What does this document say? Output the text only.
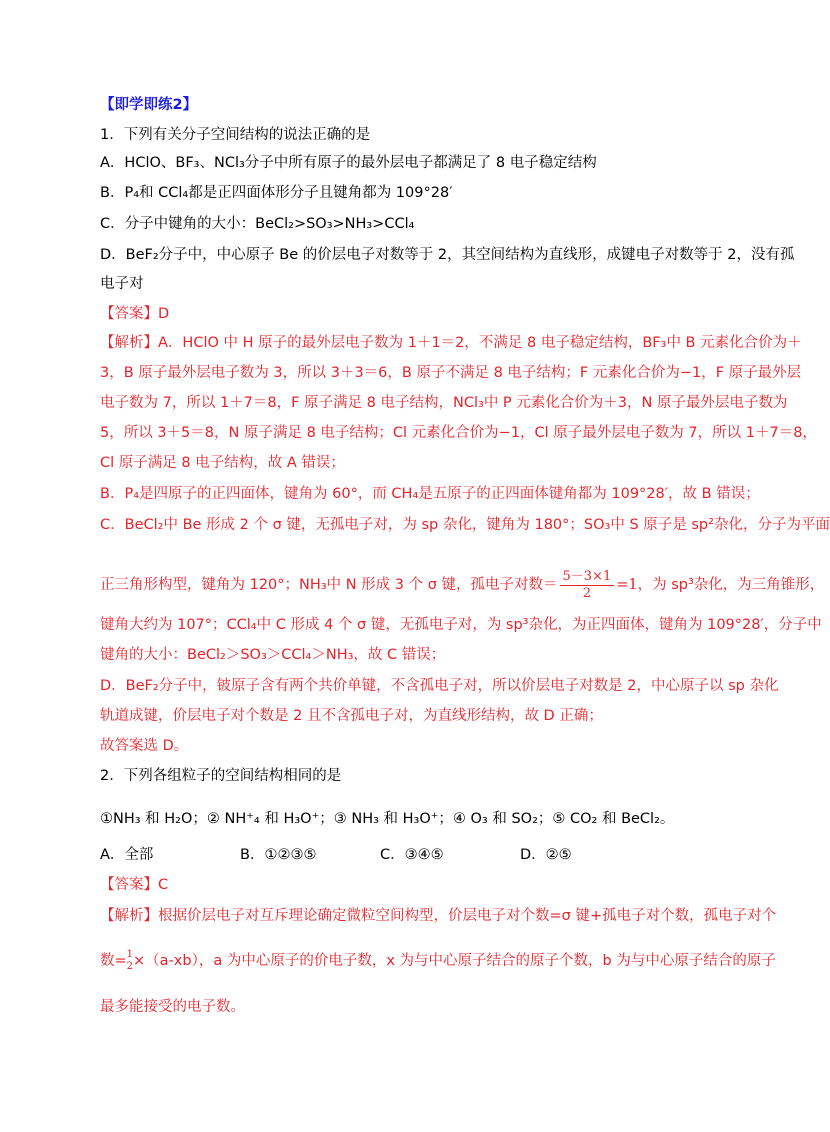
【即学即练2】
1．下列有关分子空间结构的说法正确的是
A．HClO、BF₃、NCl₃分子中所有原子的最外层电子都满足了 8 电子稳定结构
B．P₄和 CCl₄都是正四面体形分子且键角都为 109°28′
C．分子中键角的大小：BeCl₂>SO₃>NH₃>CCl₄
D．BeF₂分子中，中心原子 Be 的价层电子对数等于 2，其空间结构为直线形，成键电子对数等于 2，没有孤
电子对
【答案】D
【解析】A．HClO 中 H 原子的最外层电子数为 1＋1＝2，不满足 8 电子稳定结构，BF₃中 B 元素化合价为＋
3，B 原子最外层电子数为 3，所以 3＋3＝6，B 原子不满足 8 电子结构；F 元素化合价为−1，F 原子最外层
电子数为 7，所以 1＋7＝8，F 原子满足 8 电子结构，NCl₃中 P 元素化合价为＋3，N 原子最外层电子数为
5，所以 3＋5＝8，N 原子满足 8 电子结构；Cl 元素化合价为−1，Cl 原子最外层电子数为 7，所以 1＋7＝8，
Cl 原子满足 8 电子结构，故 A 错误；
B．P₄是四原子的正四面体，键角为 60°，而 CH₄是五原子的正四面体键角都为 109°28′，故 B 错误；
C．BeCl₂中 Be 形成 2 个 σ 键，无孤电子对，为 sp 杂化，键角为 180°；SO₃中 S 原子是 sp²杂化，分子为平面
正三角形构型，键角为 120°；NH₃中 N 形成 3 个 σ 键，孤电子对数＝ $\frac{5-3\times 1}{2} =1$，为 sp³杂化，为三角锥形，
键角大约为 107°；CCl₄中 C 形成 4 个 σ 键，无孤电子对，为 sp³杂化，为正四面体，键角为 109°28′，分子中
键角的大小：BeCl₂＞SO₃＞CCl₄＞NH₃，故 C 错误；
D．BeF₂分子中，铍原子含有两个共价单键，不含孤电子对，所以价层电子对数是 2，中心原子以 sp 杂化
轨道成键，价层电子对个数是 2 且不含孤电子对，为直线形结构，故 D 正确；
故答案选 D。
2．下列各组粒子的空间结构相同的是
①NH₃ 和 H₂O；② NH⁺₄ 和 H₃O⁺；③ NH₃ 和 H₃O⁺；④ O₃ 和 SO₂；⑤ CO₂ 和 BeCl₂。
A．全部	B．①②③⑤	C．③④⑤	D．②⑤
【答案】C
【解析】根据价层电子对互斥理论确定微粒空间构型，价层电子对个数=σ 键+孤电子对个数，孤电子对个
数= 1
2 ×（a-xb），a 为中心原子的价电子数，x 为与中心原子结合的原子个数，b 为与中心原子结合的原子
最多能接受的电子数。
